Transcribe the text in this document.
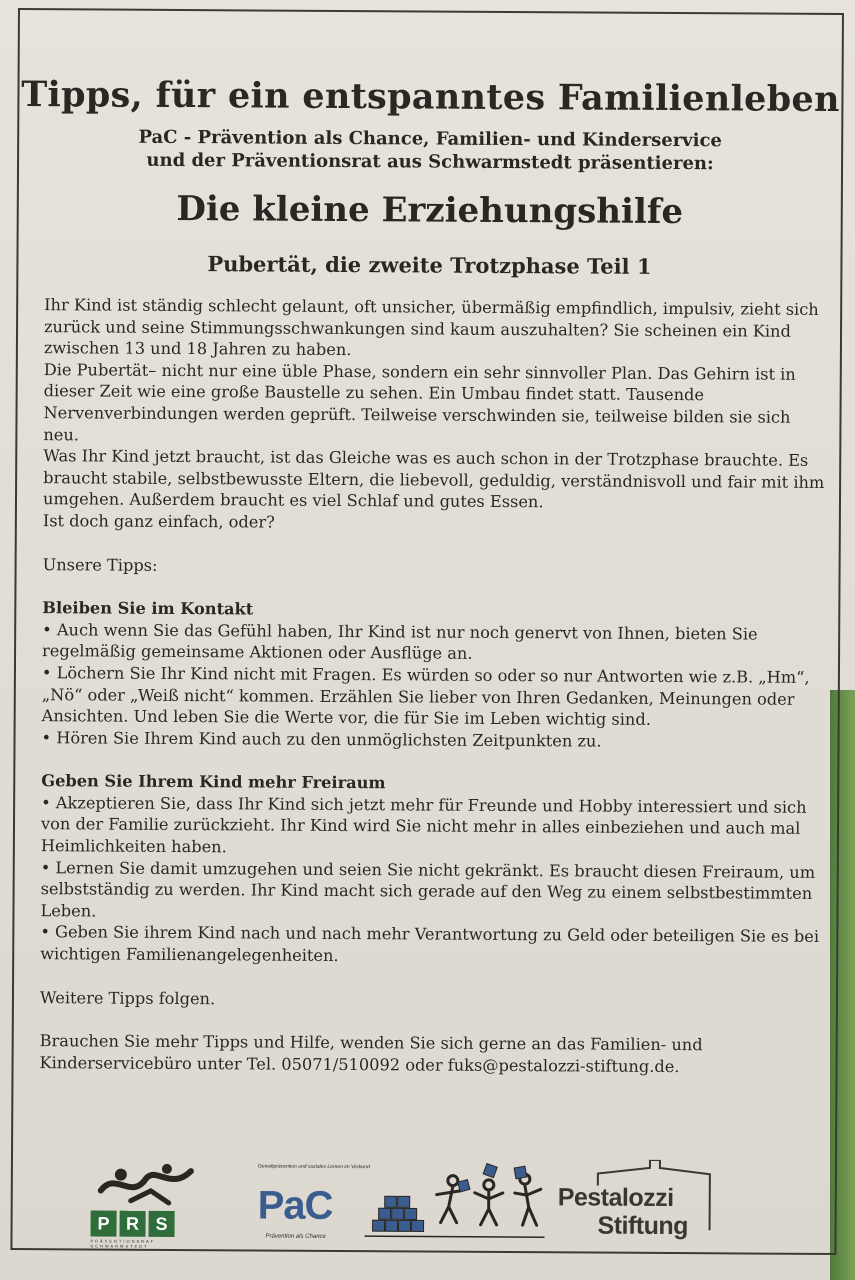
Tipps, für ein entspanntes Familienleben
PaC - Prävention als Chance, Familien- und Kinderservice
und der Präventionsrat aus Schwarmstedt präsentieren:
Die kleine Erziehungshilfe
Pubertät, die zweite Trotzphase Teil 1

Ihr Kind ist ständig schlecht gelaunt, oft unsicher, übermäßig empfindlich, impulsiv, zieht sich zurück und seine Stimmungsschwankungen sind kaum auszuhalten? Sie scheinen ein Kind zwischen 13 und 18 Jahren zu haben.

Die Pubertät– nicht nur eine üble Phase, sondern ein sehr sinnvoller Plan. Das Gehirn ist in dieser Zeit wie eine große Baustelle zu sehen. Ein Umbau findet statt. Tausende Nervenverbindungen werden geprüft. Teilweise verschwinden sie, teilweise bilden sie sich neu.

Was Ihr Kind jetzt braucht, ist das Gleiche was es auch schon in der Trotzphase brauchte. Es braucht stabile, selbstbewusste Eltern, die liebevoll, geduldig, verständnisvoll und fair mit ihm umgehen. Außerdem braucht es viel Schlaf und gutes Essen.

Ist doch ganz einfach, oder?

Unsere Tipps:

Bleiben Sie im Kontakt

• Auch wenn Sie das Gefühl haben, Ihr Kind ist nur noch genervt von Ihnen, bieten Sie regelmäßig gemeinsame Aktionen oder Ausflüge an.

• Löchern Sie Ihr Kind nicht mit Fragen. Es würden so oder so nur Antworten wie z.B. „Hm“, „Nö“ oder „Weiß nicht“ kommen. Erzählen Sie lieber von Ihren Gedanken, Meinungen oder Ansichten. Und leben Sie die Werte vor, die für Sie im Leben wichtig sind.

• Hören Sie Ihrem Kind auch zu den unmöglichsten Zeitpunkten zu.

Geben Sie Ihrem Kind mehr Freiraum

• Akzeptieren Sie, dass Ihr Kind sich jetzt mehr für Freunde und Hobby interessiert und sich von der Familie zurückzieht. Ihr Kind wird Sie nicht mehr in alles einbeziehen und auch mal Heimlichkeiten haben.

• Lernen Sie damit umzugehen und seien Sie nicht gekränkt. Es braucht diesen Freiraum, um selbstständig zu werden. Ihr Kind macht sich gerade auf den Weg zu einem selbstbestimmten Leben.

• Geben Sie ihrem Kind nach und nach mehr Verantwortung zu Geld oder beteiligen Sie es bei wichtigen Familienangelegenheiten.

Weitere Tipps folgen.

Brauchen Sie mehr Tipps und Hilfe, wenden Sie sich gerne an das Familien- und Kinderservicebüro unter Tel. 05071/510092 oder fuks@pestalozzi-stiftung.de.

P R S
PRÄVENTIONSRAT SCHWARMSTEDT
Gewaltprävention und soziales Lernen im Verbund
PaC
Prävention als Chance
Pestalozzi
Stiftung
